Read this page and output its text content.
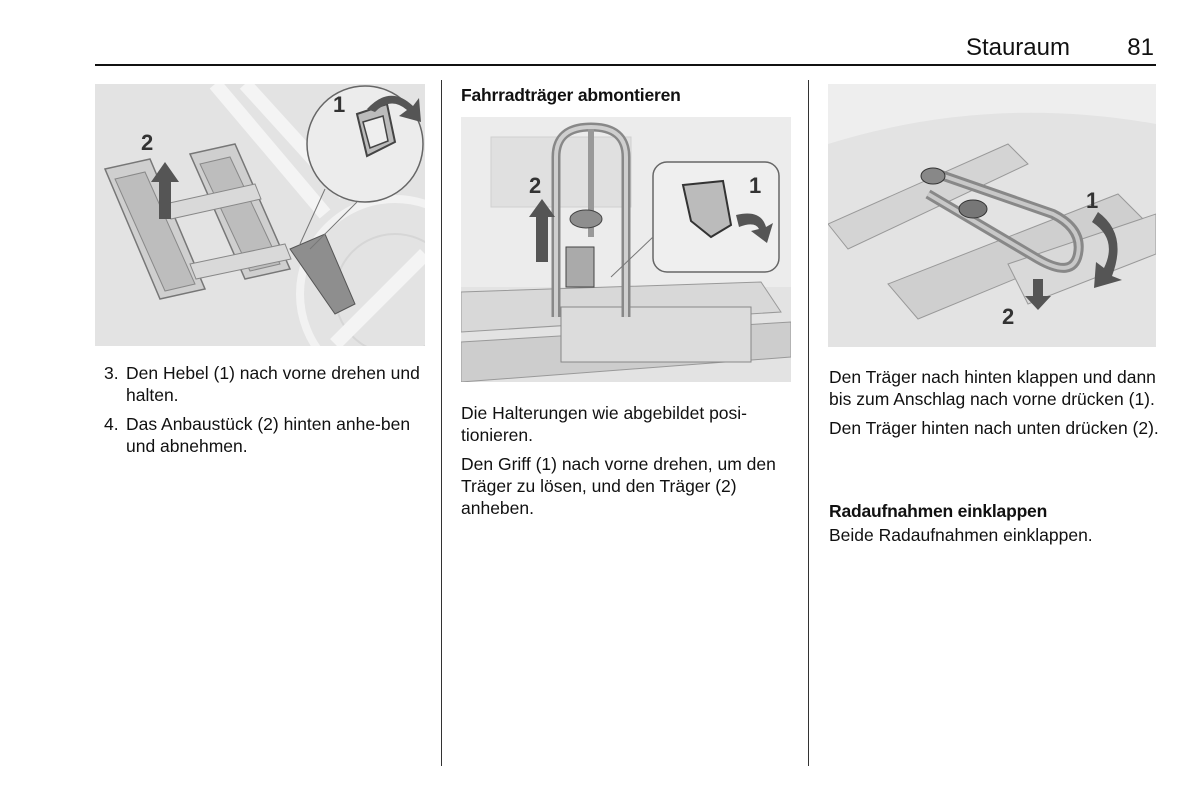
Stauraum 81
2
1
3. Den Hebel (1) nach vorne drehen und halten.
4. Das Anbaustück (2) hinten anhe-ben und abnehmen.
Fahrradträger abmontieren
2	1

Die Halterungen wie abgebildet posi-tionieren.

Den Griff (1) nach vorne drehen, um den Träger zu lösen, und den Träger (2) anheben.

1
2

Den Träger nach hinten klappen und dann bis zum Anschlag nach vorne drücken (1).

Den Träger hinten nach unten drücken (2).

Radaufnahmen einklappen

Beide Radaufnahmen einklappen.
